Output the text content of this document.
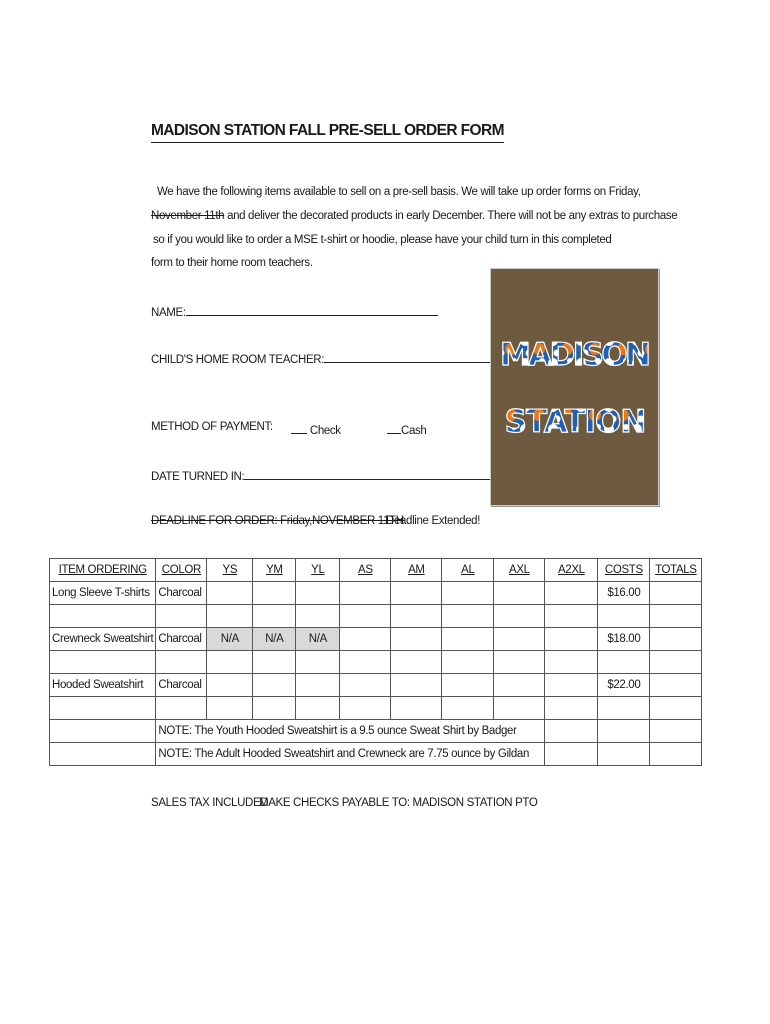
MADISON STATION FALL PRE-SELL ORDER FORM
We have the following items available to sell on a pre-sell basis. We will take up order forms on Friday,
November 11th and deliver the decorated products in early December. There will not be any extras to purchase
so if you would like to order a MSE t-shirt or hoodie, please have your child turn in this completed
form to their home room teachers.
NAME:
CHILD'S HOME ROOM TEACHER:
METHOD OF PAYMENT:	Check	Cash
DATE TURNED IN:
DEADLINE FOR ORDER: Friday,NOVEMBER 11TH
Deadline Extended!
MADISON
STATION
ITEM ORDERING	COLOR	YS	YM	YL	AS	AM	AL	AXL	A2XL	COSTS	TOTALS
Long Sleeve T-shirts	Charcoal									$16.00	

Crewneck Sweatshirt	Charcoal	N/A	N/A	N/A						$18.00	

Hooded Sweatshirt	Charcoal									$22.00	

	NOTE: The Youth Hooded Sweatshirt is a 9.5 ounce Sweat Shirt by Badger										
	NOTE: The Adult Hooded Sweatshirt and Crewneck are 7.75 ounce by Gildan										
SALES TAX INCLUDED
MAKE CHECKS PAYABLE TO: MADISON STATION PTO
